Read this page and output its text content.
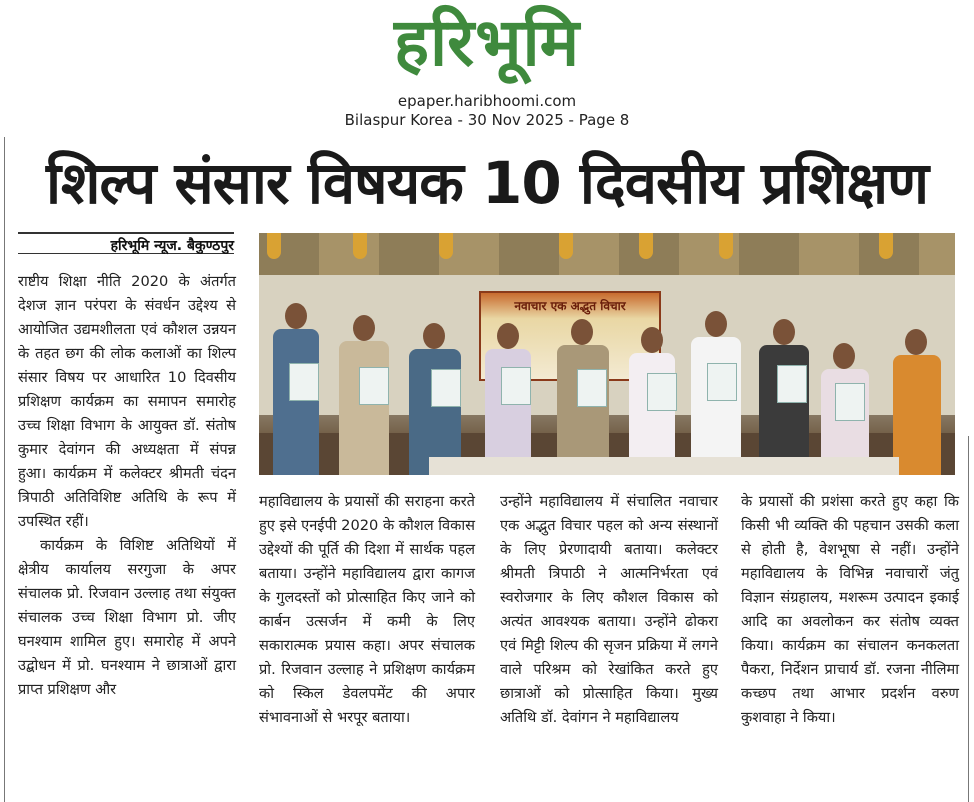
हरिभूमि
epaper.haribhoomi.com
Bilaspur Korea - 30 Nov 2025 - Page 8
शिल्प संसार विषयक 10 दिवसीय प्रशिक्षण
हरिभूमि न्यूज. बैकुण्ठपुर

राष्टीय शिक्षा नीति 2020 के अंतर्गत देशज ज्ञान परंपरा के संवर्धन उद्देश्य से आयोजित उद्यमशीलता एवं कौशल उन्नयन के तहत छग की लोक कलाओं का शिल्प संसार विषय पर आधारित 10 दिवसीय प्रशिक्षण कार्यक्रम का समापन समारोह उच्च शिक्षा विभाग के आयुक्त डॉ. संतोष कुमार देवांगन की अध्यक्षता में संपन्न हुआ। कार्यक्रम में कलेक्टर श्रीमती चंदन त्रिपाठी अतिविशिष्ट अतिथि के रूप में उपस्थित रहीं।

कार्यक्रम के विशिष्ट अतिथियों में क्षेत्रीय कार्यालय सरगुजा के अपर संचालक प्रो. रिजवान उल्लाह तथा संयुक्त संचालक उच्च शिक्षा विभाग प्रो. जीए घनश्याम शामिल हुए। समारोह में अपने उद्बोधन में प्रो. घनश्याम ने छात्राओं द्वारा प्राप्त प्रशिक्षण और

नवाचार एक अद्भुत विचार

महाविद्यालय के प्रयासों की सराहना करते हुए इसे एनईपी 2020 के कौशल विकास उद्देश्यों की पूर्ति की दिशा में सार्थक पहल बताया। उन्होंने महाविद्यालय द्वारा कागज के गुलदस्तों को प्रोत्साहित किए जाने को कार्बन उत्सर्जन में कमी के लिए सकारात्मक प्रयास कहा। अपर संचालक प्रो. रिजवान उल्लाह ने प्रशिक्षण कार्यक्रम को स्किल डेवलपमेंट की अपार संभावनाओं से भरपूर बताया।

उन्होंने महाविद्यालय में संचालित नवाचार एक अद्भुत विचार पहल को अन्य संस्थानों के लिए प्रेरणादायी बताया। कलेक्टर श्रीमती त्रिपाठी ने आत्मनिर्भरता एवं स्वरोजगार के लिए कौशल विकास को अत्यंत आवश्यक बताया। उन्होंने ढोकरा एवं मिट्टी शिल्प की सृजन प्रक्रिया में लगने वाले परिश्रम को रेखांकित करते हुए छात्राओं को प्रोत्साहित किया। मुख्य अतिथि डॉ. देवांगन ने महाविद्यालय

के प्रयासों की प्रशंसा करते हुए कहा कि किसी भी व्यक्ति की पहचान उसकी कला से होती है, वेशभूषा से नहीं। उन्होंने महाविद्यालय के विभिन्न नवाचारों जंतु विज्ञान संग्रहालय, मशरूम उत्पादन इकाई आदि का अवलोकन कर संतोष व्यक्त किया। कार्यक्रम का संचालन कनकलता पैकरा, निर्देशन प्राचार्य डॉ. रजना नीलिमा कच्छप तथा आभार प्रदर्शन वरुण कुशवाहा ने किया।
